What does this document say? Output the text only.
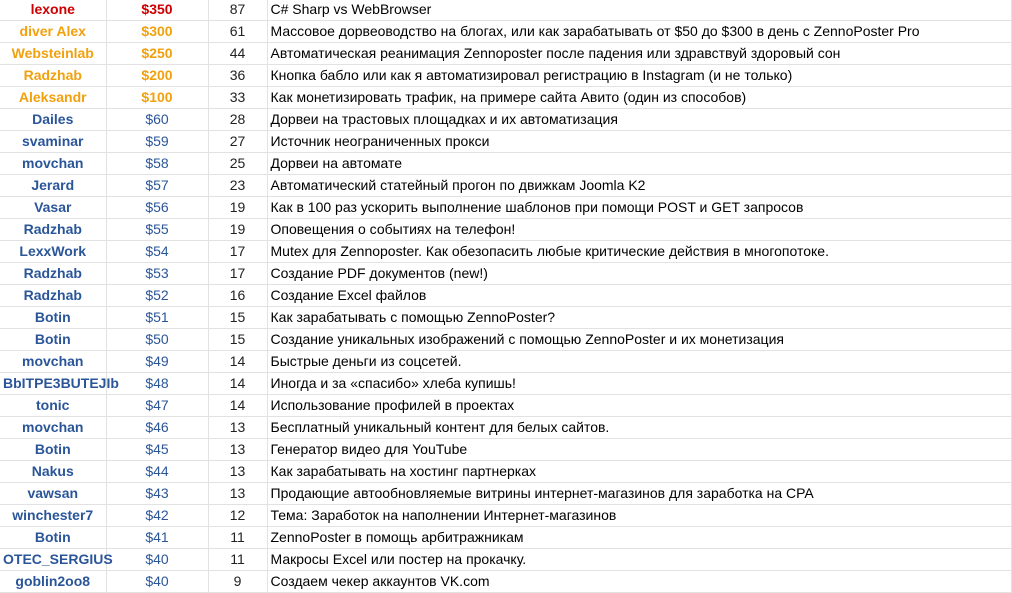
lexone	$350	87	C# Sharp vs WebBrowser
diver Alex	$300	61	Массовое дорвеоводство на блогах, или как зарабатывать от $50 до $300 в день с ZennoPoster Pro
Websteinlab	$250	44	Автоматическая реанимация Zennoposter после падения или здравствуй здоровый сон
Radzhab	$200	36	Кнопка бабло или как я автоматизировал регистрацию в Instagram (и не только)
Aleksandr	$100	33	Как монетизировать трафик, на примере сайта Авито (один из способов)
Dailes	$60	28	Дорвеи на трастовых площадках и их автоматизация
svaminar	$59	27	Источник неограниченных прокси
movchan	$58	25	Дорвеи на автомате
Jerard	$57	23	Автоматический статейный прогон по движкам Joomla K2
Vasar	$56	19	Как в 100 раз ускорить выполнение шаблонов при помощи POST и GET запросов
Radzhab	$55	19	Оповещения о событиях на телефон!
LexxWork	$54	17	Mutex для Zennoposter. Как обезопасить любые критические действия в многопотоке.
Radzhab	$53	17	Создание PDF документов (new!)
Radzhab	$52	16	Создание Excel файлов
Botin	$51	15	Как зарабатывать с помощью ZennoPoster?
Botin	$50	15	Создание уникальных изображений с помощью ZennoPoster и их монетизация
movchan	$49	14	Быстрые деньги из соцсетей.
BbITPE3BUTEJIb	$48	14	Иногда и за «спасибо» хлеба купишь!
tonic	$47	14	Использование профилей в проектах
movchan	$46	13	Бесплатный уникальный контент для белых сайтов.
Botin	$45	13	Генератор видео для YouTube
Nakus	$44	13	Как зарабатывать на хостинг партнерках
vawsan	$43	13	Продающие автообновляемые витрины интернет-магазинов для заработка на CPA
winchester7	$42	12	Тема: Заработок на наполнении Интернет-магазинов
Botin	$41	11	ZennoPoster в помощь арбитражникам
OTEC_SERGIUS	$40	11	Макросы Excel или постер на прокачку.
goblin2oo8	$40	9	Создаем чекер аккаунтов VK.com
